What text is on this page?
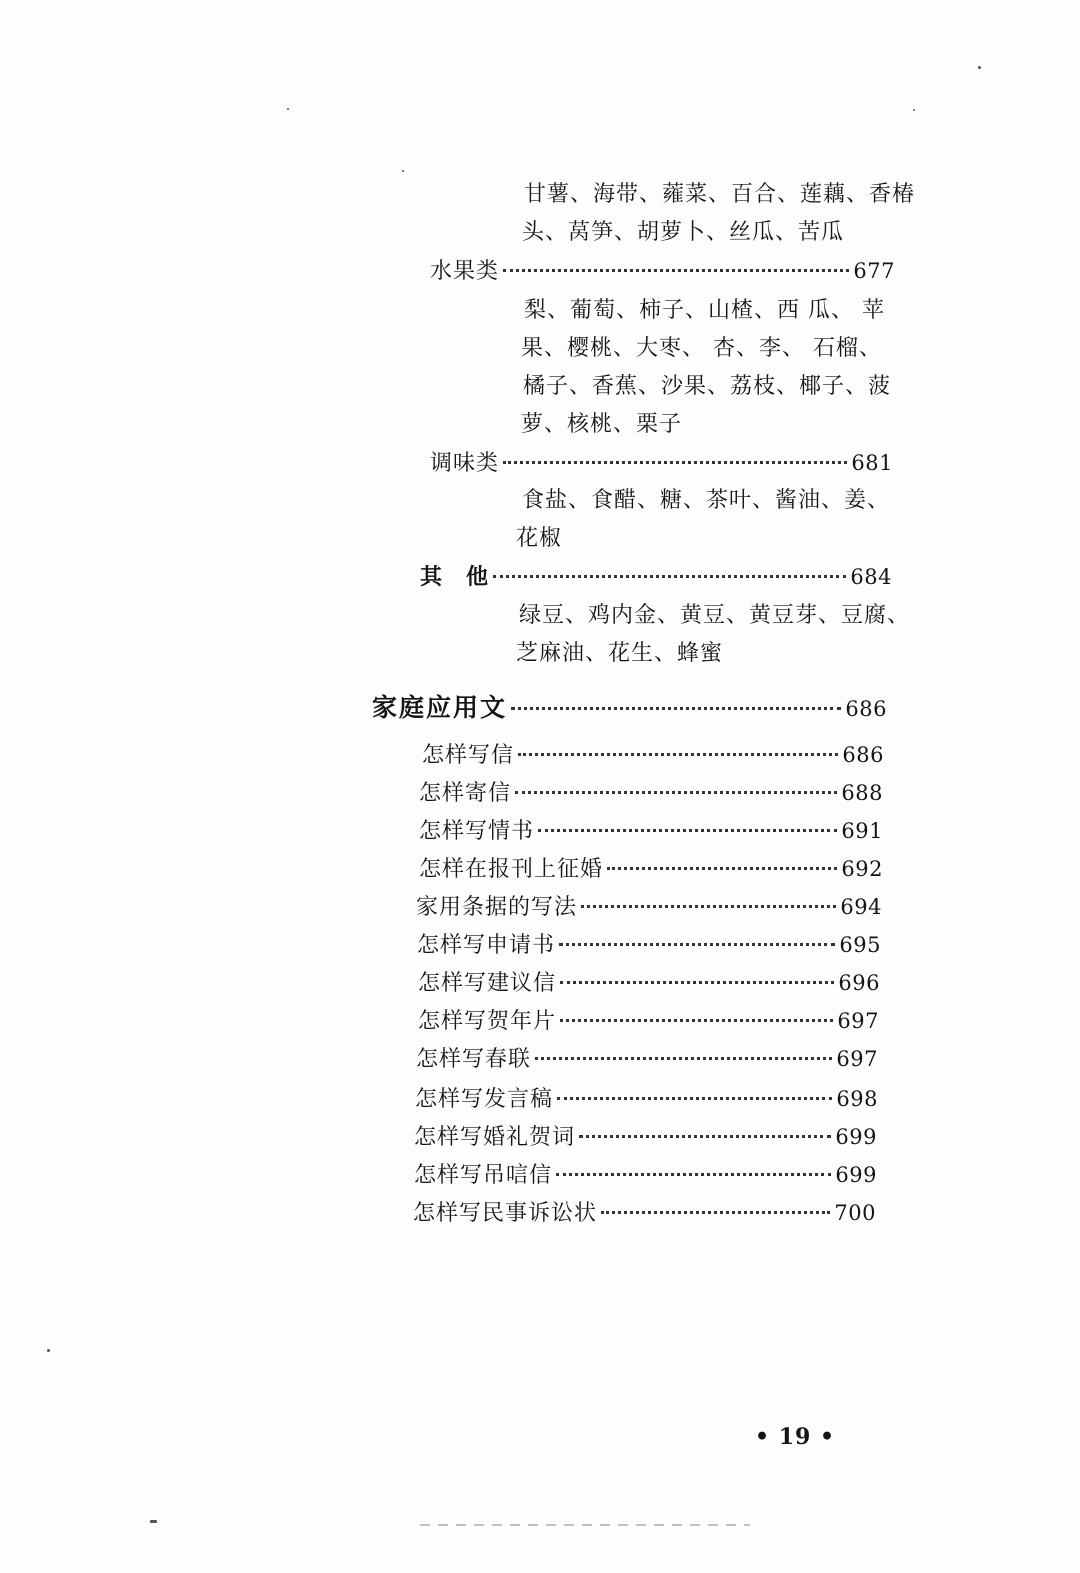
甘薯、海带、蕹菜、百合、莲藕、香椿
头、莴笋、胡萝卜、丝瓜、苦瓜
水果类	677
梨、葡萄、柿子、山楂、西 瓜、 苹
果、樱桃、大枣、 杏、李、 石榴、
橘子、香蕉、沙果、荔枝、椰子、菠
萝、核桃、栗子
调味类	681
食盐、食醋、糖、茶叶、酱油、姜、
花椒
其　他	684
绿豆、鸡内金、黄豆、黄豆芽、豆腐、
芝麻油、花生、蜂蜜
家庭应用文	686
怎样写信	686
怎样寄信	688
怎样写情书	691
怎样在报刊上征婚	692
家用条据的写法	694
怎样写申请书	695
怎样写建议信	696
怎样写贺年片	697
怎样写春联	697
怎样写发言稿	698
怎样写婚礼贺词	699
怎样写吊唁信	699
怎样写民事诉讼状	700
• 19 •
